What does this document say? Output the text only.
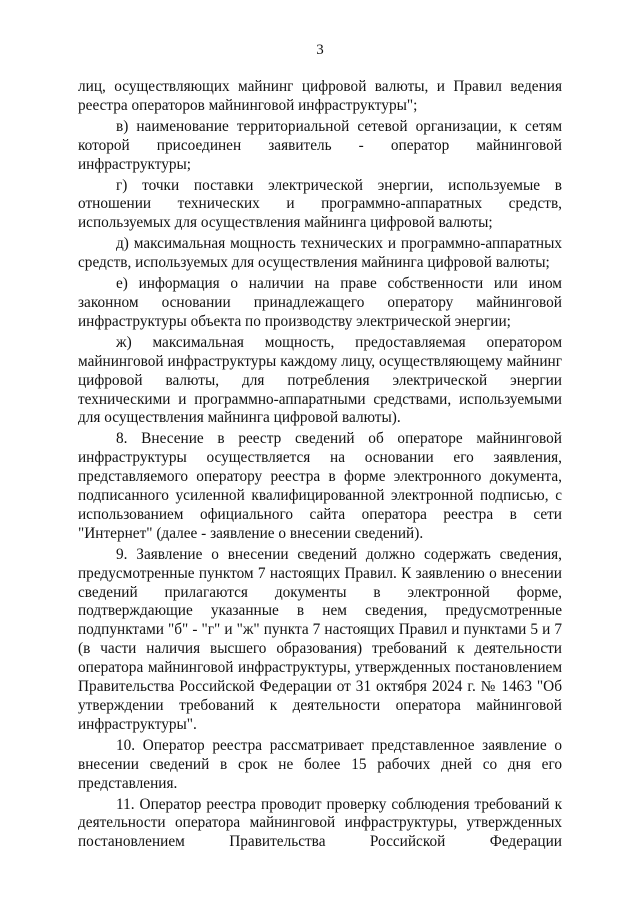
3

лиц, осуществляющих майнинг цифровой валюты, и Правил ведения реестра операторов майнинговой инфраструктуры";

в) наименование территориальной сетевой организации, к сетям которой присоединен заявитель - оператор майнинговой инфраструктуры;

г) точки поставки электрической энергии, используемые в отношении технических и программно-аппаратных средств, используемых для осуществления майнинга цифровой валюты;

д) максимальная мощность технических и программно-аппаратных средств, используемых для осуществления майнинга цифровой валюты;

е) информация о наличии на праве собственности или ином законном основании принадлежащего оператору майнинговой инфраструктуры объекта по производству электрической энергии;

ж) максимальная мощность, предоставляемая оператором майнинговой инфраструктуры каждому лицу, осуществляющему майнинг цифровой валюты, для потребления электрической энергии техническими и программно-аппаратными средствами, используемыми для осуществления майнинга цифровой валюты).

8. Внесение в реестр сведений об операторе майнинговой инфраструктуры осуществляется на основании его заявления, представляемого оператору реестра в форме электронного документа, подписанного усиленной квалифицированной электронной подписью, с использованием официального сайта оператора реестра в сети "Интернет" (далее - заявление о внесении сведений).

9. Заявление о внесении сведений должно содержать сведения, предусмотренные пунктом 7 настоящих Правил. К заявлению о внесении сведений прилагаются документы в электронной форме, подтверждающие указанные в нем сведения, предусмотренные подпунктами "б" - "г" и "ж" пункта 7 настоящих Правил и пунктами 5 и 7 (в части наличия высшего образования) требований к деятельности оператора майнинговой инфраструктуры, утвержденных постановлением Правительства Российской Федерации от 31 октября 2024 г. № 1463 "Об утверждении требований к деятельности оператора майнинговой инфраструктуры".

10. Оператор реестра рассматривает представленное заявление о внесении сведений в срок не более 15 рабочих дней со дня его представления.

11. Оператор реестра проводит проверку соблюдения требований к деятельности оператора майнинговой инфраструктуры, утвержденных постановлением Правительства Российской Федерации
